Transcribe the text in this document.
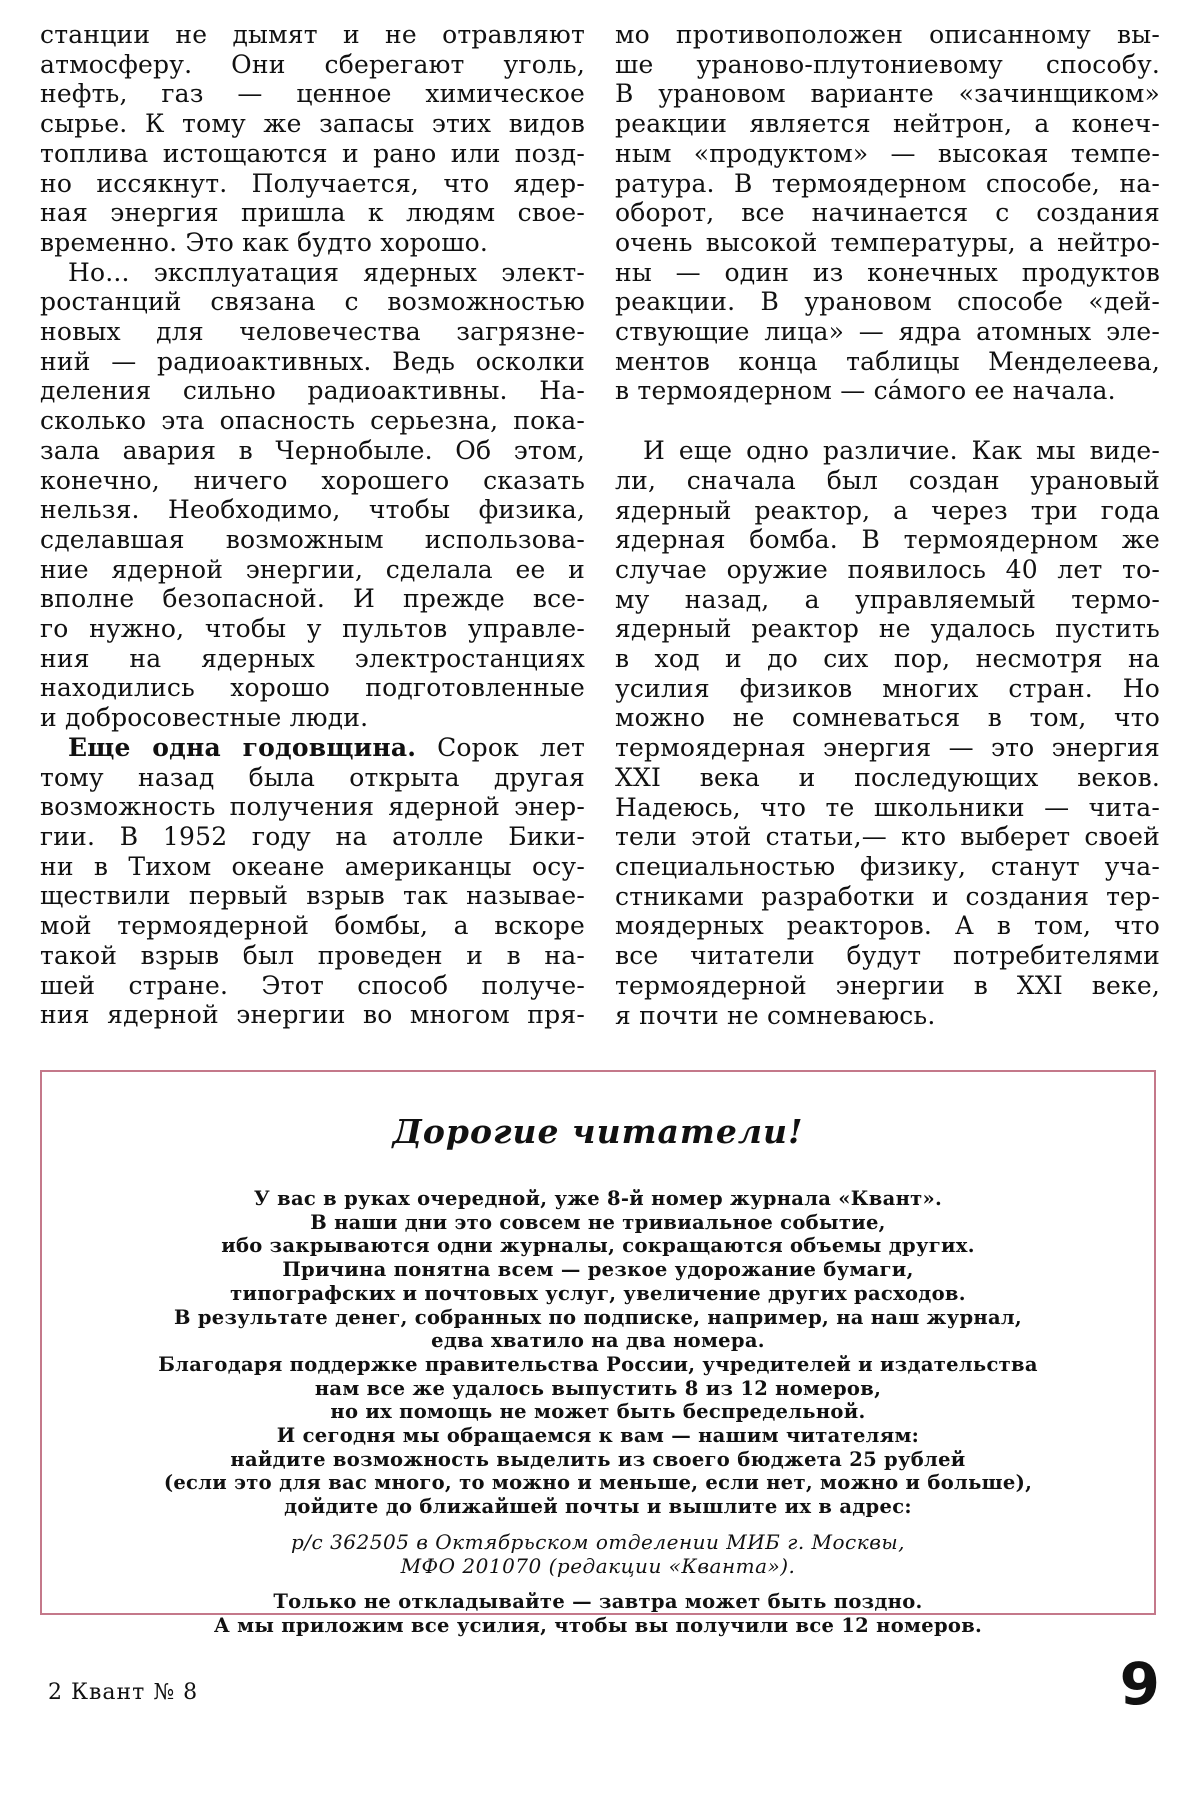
станции не дымят и не отравляют
атмосферу. Они сберегают уголь,
нефть, газ — ценное химическое
сырье. К тому же запасы этих видов
топлива истощаются и рано или позд-
но иссякнут. Получается, что ядер-
ная энергия пришла к людям свое-
временно. Это как будто хорошо.
Но... эксплуатация ядерных элект-
ростанций связана с возможностью
новых для человечества загрязне-
ний — радиоактивных. Ведь осколки
деления сильно радиоактивны. На-
сколько эта опасность серьезна, пока-
зала авария в Чернобыле. Об этом,
конечно, ничего хорошего сказать
нельзя. Необходимо, чтобы физика,
сделавшая возможным использова-
ние ядерной энергии, сделала ее и
вполне безопасной. И прежде все-
го нужно, чтобы у пультов управле-
ния на ядерных электростанциях
находились хорошо подготовленные
и добросовестные люди.
Еще одна годовщина. Сорок лет
тому назад была открыта другая
возможность получения ядерной энер-
гии. В 1952 году на атолле Бики-
ни в Тихом океане американцы осу-
ществили первый взрыв так называе-
мой термоядерной бомбы, а вскоре
такой взрыв был проведен и в на-
шей стране. Этот способ получе-
ния ядерной энергии во многом пря-
мо противоположен описанному вы-
ше ураново-плутониевому способу.
В урановом варианте «зачинщиком»
реакции является нейтрон, а конеч-
ным «продуктом» — высокая темпе-
ратура. В термоядерном способе, на-
оборот, все начинается с создания
очень высокой температуры, а нейтро-
ны — один из конечных продуктов
реакции. В урановом способе «дей-
ствующие лица» — ядра атомных эле-
ментов конца таблицы Менделеева,
в термоядерном — сáмого ее начала.
И еще одно различие. Как мы виде-
ли, сначала был создан урановый
ядерный реактор, а через три года
ядерная бомба. В термоядерном же
случае оружие появилось 40 лет то-
му назад, а управляемый термо-
ядерный реактор не удалось пустить
в ход и до сих пор, несмотря на
усилия физиков многих стран. Но
можно не сомневаться в том, что
термоядерная энергия — это энергия
XXI века и последующих веков.
Надеюсь, что те школьники — чита-
тели этой статьи,— кто выберет своей
специальностью физику, станут уча-
стниками разработки и создания тер-
моядерных реакторов. А в том, что
все читатели будут потребителями
термоядерной энергии в XXI веке,
я почти не сомневаюсь.
Дорогие читатели!
У вас в руках очередной, уже 8-й номер журнала «Квант».
В наши дни это совсем не тривиальное событие,
ибо закрываются одни журналы, сокращаются объемы других.
Причина понятна всем — резкое удорожание бумаги,
типографских и почтовых услуг, увеличение других расходов.
В результате денег, собранных по подписке, например, на наш журнал,
едва хватило на два номера.
Благодаря поддержке правительства России, учредителей и издательства
нам все же удалось выпустить 8 из 12 номеров,
но их помощь не может быть беспредельной.
И сегодня мы обращаемся к вам — нашим читателям:
найдите возможность выделить из своего бюджета 25 рублей
(если это для вас много, то можно и меньше, если нет, можно и больше),
дойдите до ближайшей почты и вышлите их в адрес:
р/с 362505 в Октябрьском отделении МИБ г. Москвы,
МФО 201070 (редакции «Кванта»).
Только не откладывайте — завтра может быть поздно.
А мы приложим все усилия, чтобы вы получили все 12 номеров.
2 Квант № 8	9
